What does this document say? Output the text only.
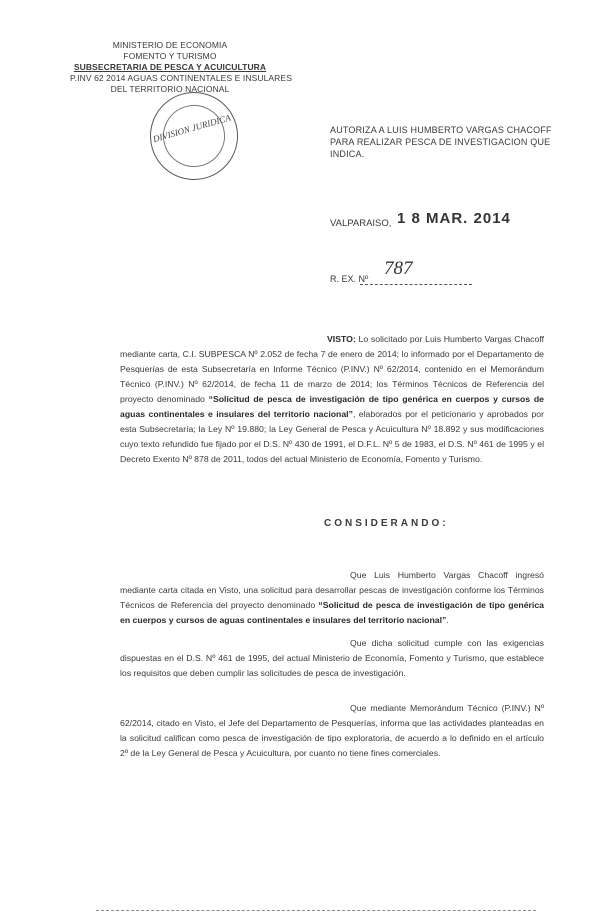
MINISTERIO DE ECONOMIA
FOMENTO Y TURISMO
SUBSECRETARIA DE PESCA Y ACUICULTURA
P.INV 62 2014 AGUAS CONTINENTALES E INSULARES
DEL TERRITORIO NACIONAL
DIVISION JURIDICA	AUTORIZA A LUIS HUMBERTO VARGAS CHACOFF PARA REALIZAR PESCA DE INVESTIGACION QUE INDICA.
VALPARAISO, 1 8 MAR. 2014
R. EX. Nº 787
VISTO: Lo solicitado por Luis Humberto Vargas Chacoff mediante carta, C.I. SUBPESCA Nº 2.052 de fecha 7 de enero de 2014; lo informado por el Departamento de Pesquerías de esta Subsecretaría en Informe Técnico (P.INV.) Nº 62/2014, contenido en el Memorándum Técnico (P.INV.) Nº 62/2014, de fecha 11 de marzo de 2014; los Términos Técnicos de Referencia del proyecto denominado “Solicitud de pesca de investigación de tipo genérica en cuerpos y cursos de aguas continentales e insulares del territorio nacional”, elaborados por el peticionario y aprobados por esta Subsecretaría; la Ley Nº 19.880; la Ley General de Pesca y Acuicultura Nº 18.892 y sus modificaciones cuyo texto refundido fue fijado por el D.S. Nº 430 de 1991, el D.F.L. Nº 5 de 1983, el D.S. Nº 461 de 1995 y el Decreto Exento Nº 878 de 2011, todos del actual Ministerio de Economía, Fomento y Turismo.
CONSIDERANDO:
Que Luis Humberto Vargas Chacoff ingresó mediante carta citada en Visto, una solicitud para desarrollar pescas de investigación conforme los Términos Técnicos de Referencia del proyecto denominado “Solicitud de pesca de investigación de tipo genérica en cuerpos y cursos de aguas continentales e insulares del territorio nacional”.
Que dicha solicitud cumple con las exigencias dispuestas en el D.S. Nº 461 de 1995, del actual Ministerio de Economía, Fomento y Turismo, que establece los requisitos que deben cumplir las solicitudes de pesca de investigación.
Que mediante Memorándum Técnico (P.INV.) Nº 62/2014, citado en Visto, el Jefe del Departamento de Pesquerías, informa que las actividades planteadas en la solicitud califican como pesca de investigación de tipo exploratoria, de acuerdo a lo definido en el artículo 2º de la Ley General de Pesca y Acuicultura, por cuanto no tiene fines comerciales.
